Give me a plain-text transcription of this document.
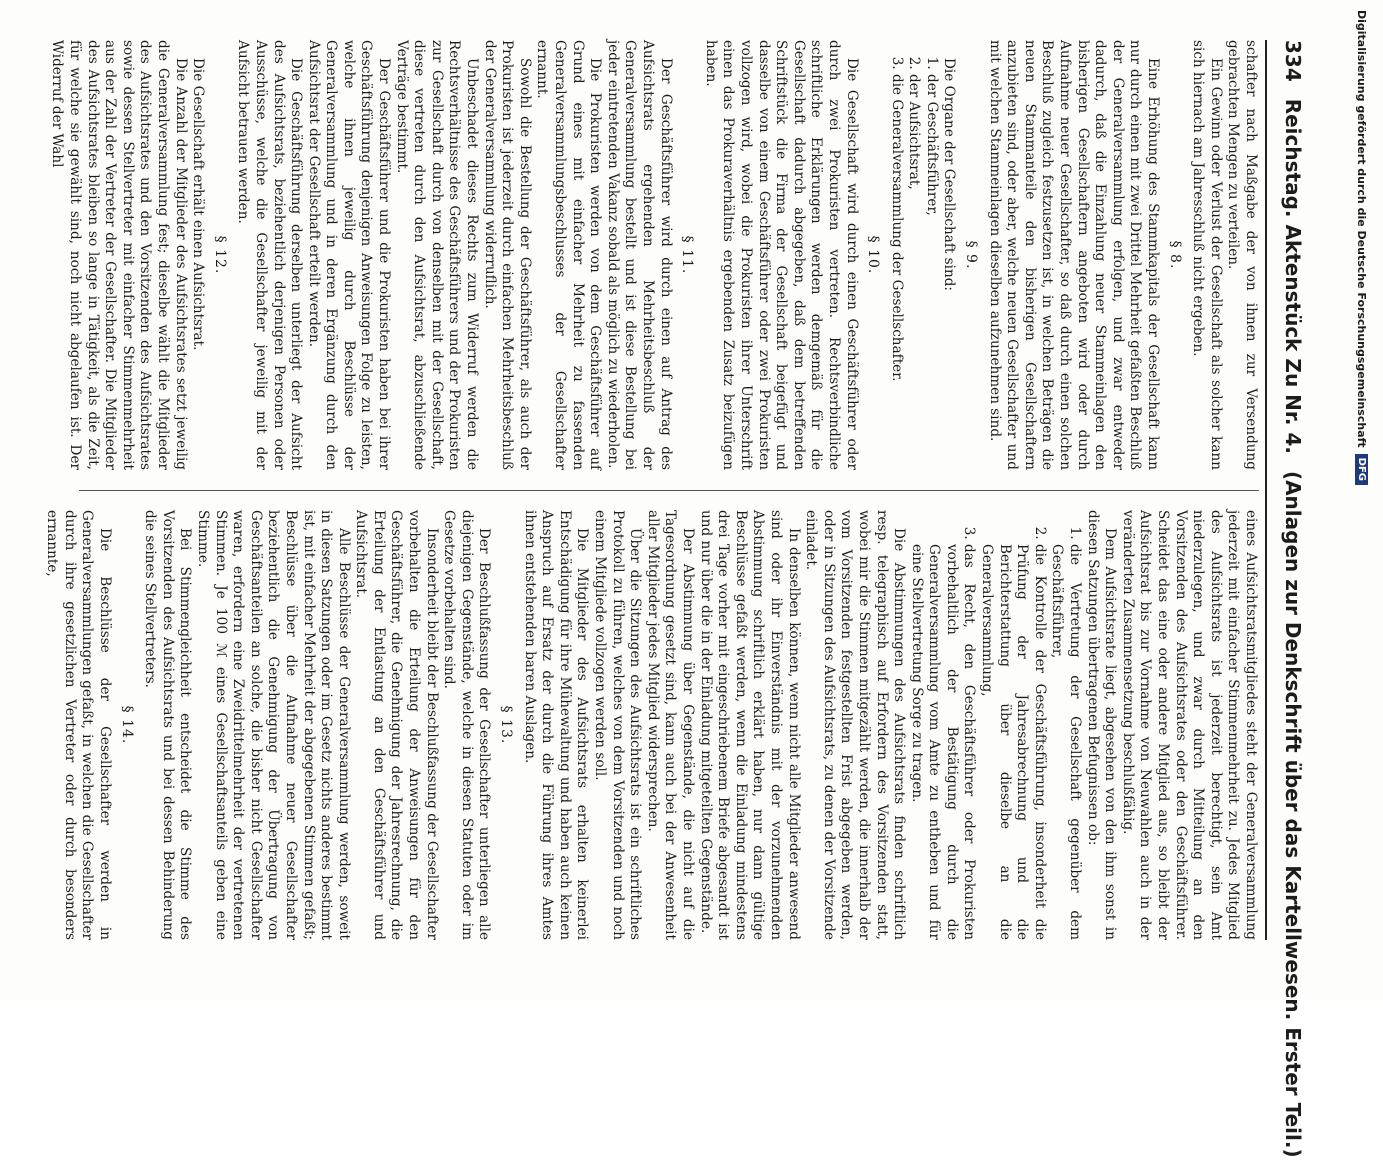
334 Reichstag. Aktenstück Zu Nr. 4. (Anlagen zur Denkschrift über das Kartellwesen. Erster Teil.)

schafter nach Maßgabe der von ihnen zur Versendung gebrachten Mengen zu verteilen.

Ein Gewinn oder Verlust der Gesellschaft als solcher kann sich hiernach am Jahresschluß nicht ergeben.

§ 8.

Eine Erhöhung des Stammkapitals der Gesellschaft kann nur durch einen mit zwei Drittel Mehrheit gefaßten Beschluß der Generalversammlung erfolgen, und zwar entweder dadurch, daß die Einzahlung neuer Stammeinlagen den bisherigen Gesellschaftern angeboten wird oder durch Aufnahme neuer Gesellschafter, so daß durch einen solchen Beschluß zugleich festzusetzen ist, in welchen Beträgen die neuen Stammanteile den bisherigen Gesellschaftern anzubieten sind, oder aber, welche neuen Gesellschafter und mit welchen Stammeinlagen dieselben aufzunehmen sind.

§ 9.

Die Organe der Gesellschaft sind:

1. der Geschäftsführer,
2. der Aufsichtsrat,
3. die Generalversammlung der Gesellschafter.
§ 10.

Die Gesellschaft wird durch einen Geschäftsführer oder durch zwei Prokuristen vertreten. Rechtsverbindliche schriftliche Erklärungen werden demgemäß für die Gesellschaft dadurch abgegeben, daß dem betreffenden Schriftstück die Firma der Gesellschaft beigefügt und dasselbe von einem Geschäftsführer oder zwei Prokuristen vollzogen wird, wobei die Prokuristen ihrer Unterschrift einen das Prokuraverhältnis ergebenden Zusatz beizufügen haben.

§ 11.

Der Geschäftsführer wird durch einen auf Antrag des Aufsichtsrats ergehenden Mehrheitsbeschluß der Generalversammlung bestellt und ist diese Bestellung bei jeder eintretenden Vakanz sobald als möglich zu wiederholen.

Die Prokuristen werden von dem Geschäftsführer auf Grund eines mit einfacher Mehrheit zu fassenden Generalversammlungsbeschlusses der Gesellschafter ernannt.

Sowohl die Bestellung der Geschäftsführer, als auch der Prokuristen ist jederzeit durch einfachen Mehrheitsbeschluß der Generalversammlung widerruflich.

Unbeschadet dieses Rechts zum Widerruf werden die Rechtsverhältnisse des Geschäftsführers und der Prokuristen zur Gesellschaft durch von denselben mit der Gesellschaft, diese vertreten durch den Aufsichtsrat, abzuschließende Verträge bestimmt.

Der Geschäftsführer und die Prokuristen haben bei ihrer Geschäftsführung denjenigen Anweisungen Folge zu leisten, welche ihnen jeweilig durch Beschlüsse der Generalversammlung und in deren Ergänzung durch den Aufsichtsrat der Gesellschaft erteilt werden.

Die Geschäftsführung derselben unterliegt der Aufsicht des Aufsichtsrats, beziehentlich derjenigen Personen oder Ausschüsse, welche die Gesellschafter jeweilig mit der Aufsicht betrauen werden.

§ 12.

Die Gesellschaft erhält einen Aufsichtsrat.

Die Anzahl der Mitglieder des Aufsichtsrates setzt jeweilig die Generalversammlung fest; dieselbe wählt die Mitglieder des Aufsichtsrates und den Vorsitzenden des Aufsichtsrates sowie dessen Stellvertreter mit einfacher Stimmenmehrheit aus der Zahl der Vertreter der Gesellschafter. Die Mitglieder des Aufsichtsrates bleiben so lange in Tätigkeit, als die Zeit, für welche sie gewählt sind, noch nicht abgelaufen ist. Der Widerruf der Wahl

eines Aufsichtsratsmitgliedes steht der Generalversammlung jederzeit mit einfacher Stimmenmehrheit zu. Jedes Mitglied des Aufsichtsrats ist jederzeit berechtigt, sein Amt niederzulegen, und zwar durch Mitteilung an den Vorsitzenden des Aufsichtsrates oder den Geschäftsführer. Scheidet das eine oder andere Mitglied aus, so bleibt der Aufsichtsrat bis zur Vornahme von Neuwahlen auch in der veränderten Zusammensetzung beschlußfähig.

Dem Aufsichtsrate liegt, abgesehen von den ihm sonst in diesen Satzungen übertragenen Befugnissen ob:

1. die Vertretung der Gesellschaft gegenüber dem Geschäftsführer,
2. die Kontrolle der Geschäftsführung, insonderheit die Prüfung der Jahresabrechnung und die Berichterstattung über dieselbe an die Generalversammlung,
3. das Recht, den Geschäftsführer oder Prokuristen vorbehaltlich der Bestätigung durch die Generalversammlung vom Amte zu entheben und für eine Stellvertretung Sorge zu tragen.

Die Abstimmungen des Aufsichtsrats finden schriftlich resp. telegraphisch auf Erfordern des Vorsitzenden statt, wobei mir die Stimmen mitgezählt werden, die innerhalb der vom Vorsitzenden festgestellten Frist abgegeben werden, oder in Sitzungen des Aufsichtsrats, zu denen der Vorsitzende einladet.

In denselben können, wenn nicht alle Mitglieder anwesend sind oder ihr Einverständnis mit der vorzunehmenden Abstimmung schriftlich erklärt haben, nur dann gültige Beschlüsse gefaßt werden, wenn die Einladung mindestens drei Tage vorher mit eingeschriebenem Briefe abgesandt ist und nur über die in der Einladung mitgeteilten Gegenstände.

Der Abstimmung über Gegenstände, die nicht auf die Tagesordnung gesetzt sind, kann auch bei der Anwesenheit aller Mitglieder jedes Mitglied widersprechen.

Über die Sitzungen des Aufsichtsrats ist ein schriftliches Protokoll zu führen, welches von dem Vorsitzenden und noch einem Mitgliede vollzogen werden soll.

Die Mitglieder des Aufsichtsrats erhalten keinerlei Entschädigung für ihre Mühewaltung und haben auch keinen Anspruch auf Ersatz der durch die Führung ihres Amtes ihnen entstehenden baren Auslagen.

§ 13.

Der Beschlußfassung der Gesellschafter unterliegen alle diejenigen Gegenstände, welche in diesen Statuten oder im Gesetze vorbehalten sind.

Insonderheit bleibt der Beschlußfassung der Gesellschafter vorbehalten die Erteilung der Anweisungen für den Geschäftsführer, die Genehmigung der Jahresrechnung, die Erteilung der Entlastung an den Geschäftsführer und Aufsichtsrat.

Alle Beschlüsse der Generalversammlung werden, soweit in diesen Satzungen oder im Gesetz nichts anderes bestimmt ist, mit einfacher Mehrheit der abgegebenen Stimmen gefaßt; Beschlüsse über die Aufnahme neuer Gesellschafter beziehentlich die Genehmigung der Übertragung von Geschäftsanteilen an solche, die bisher nicht Gesellschafter waren, erfordern eine Zweidrittelmehrheit der vertretenen Stimmen. Je 100 ℳ eines Gesellschaftsanteils geben eine Stimme.

Bei Stimmengleichheit entscheidet die Stimme des Vorsitzenden des Aufsichtsrats und bei dessen Behinderung die seines Stellvertreters.

§ 14.

Die Beschlüsse der Gesellschafter werden in Generalversammlungen gefaßt, in welchen die Gesellschafter durch ihre gesetzlichen Vertreter oder durch besonders ernannte,

Digitalisierung gefördert durch die Deutsche Forschungsgemeinschaft
DFG
